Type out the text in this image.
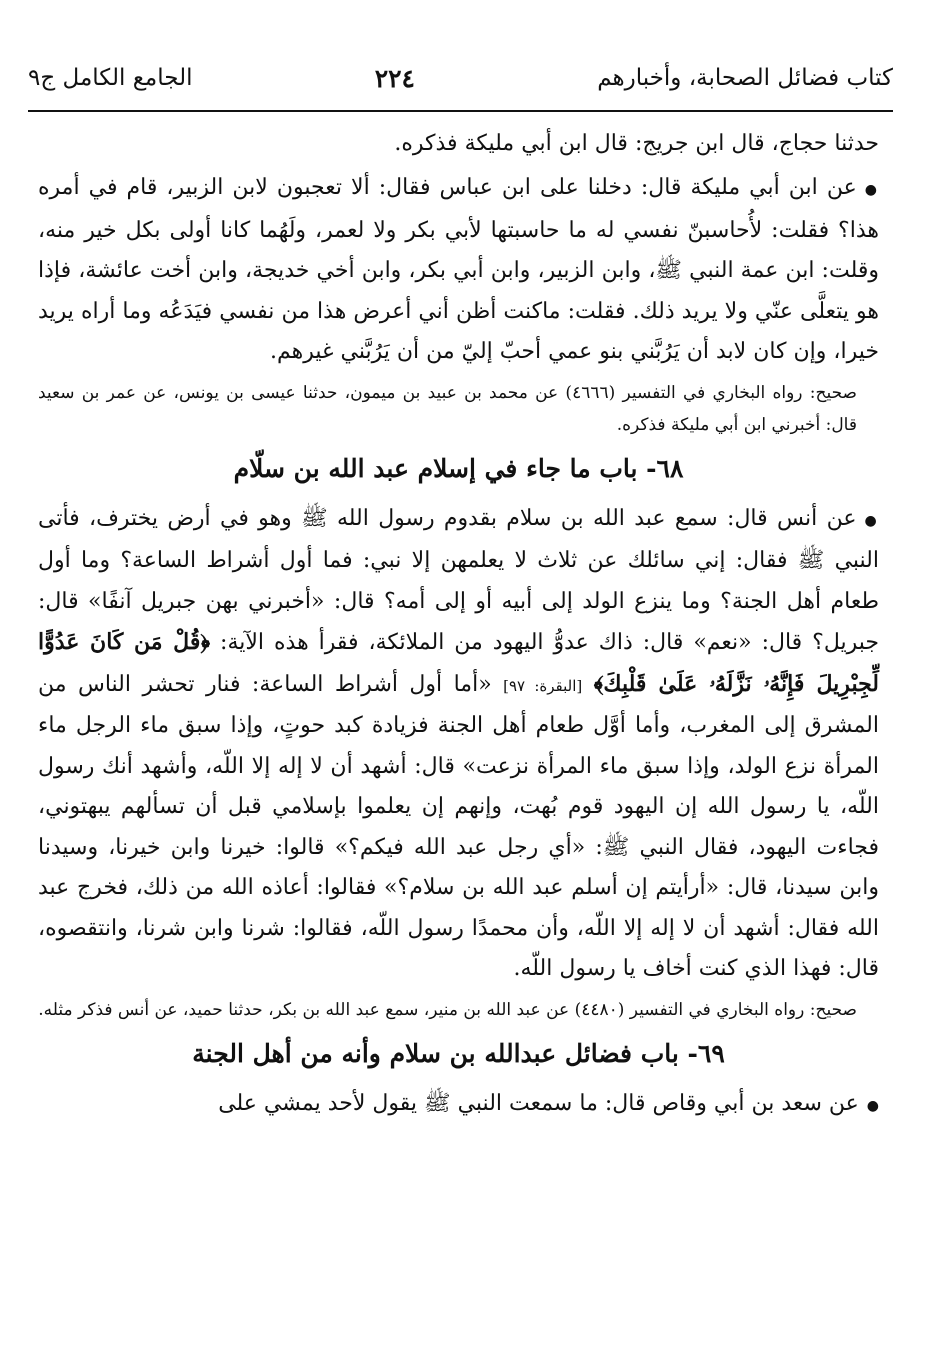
كتاب فضائل الصحابة، وأخبارهم
٢٢٤
الجامع الكامل ج٩

حدثنا حجاج، قال ابن جريج: قال ابن أبي مليكة فذكره.

●عن ابن أبي مليكة قال: دخلنا على ابن عباس فقال: ألا تعجبون لابن الزبير، قام في أمره هذا؟ فقلت: لأُحاسبنّ نفسي له ما حاسبتها لأبي بكر ولا لعمر، ولَهُما كانا أولى بكل خير منه، وقلت: ابن عمة النبي ﷺ، وابن الزبير، وابن أبي بكر، وابن أخي خديجة، وابن أخت عائشة، فإذا هو يتعلَّى عنّي ولا يريد ذلك. فقلت: ماكنت أظن أني أعرض هذا من نفسي فيَدَعُه وما أراه يريد خيرا، وإن كان لابد أن يَرُبَّني بنو عمي أحبّ إليّ من أن يَرُبَّني غيرهم.

صحيح: رواه البخاري في التفسير (٤٦٦٦) عن محمد بن عبيد بن ميمون، حدثنا عيسى بن يونس، عن عمر بن سعيد قال: أخبرني ابن أبي مليكة فذكره.

٦٨- باب ما جاء في إسلام عبد الله بن سلّام

●عن أنس قال: سمع عبد الله بن سلام بقدوم رسول الله ﷺ وهو في أرض يخترف، فأتى النبي ﷺ فقال: إني سائلك عن ثلاث لا يعلمهن إلا نبي: فما أول أشراط الساعة؟ وما أول طعام أهل الجنة؟ وما ينزع الولد إلى أبيه أو إلى أمه؟ قال: «أخبرني بهن جبريل آنفًا» قال: جبريل؟ قال: «نعم» قال: ذاك عدوُّ اليهود من الملائكة، فقرأ هذه الآية: ﴿قُلْ مَن كَانَ عَدُوًّا لِّجِبْرِيلَ فَإِنَّهُۥ نَزَّلَهُۥ عَلَىٰ قَلْبِكَ﴾ [البقرة: ٩٧] «أما أول أشراط الساعة: فنار تحشر الناس من المشرق إلى المغرب، وأما أوَّل طعام أهل الجنة فزيادة كبد حوتٍ، وإذا سبق ماء الرجل ماء المرأة نزع الولد، وإذا سبق ماء المرأة نزعت» قال: أشهد أن لا إله إلا اللّه، وأشهد أنك رسول اللّه، يا رسول الله إن اليهود قوم بُهت، وإنهم إن يعلموا بإسلامي قبل أن تسألهم يبهتوني، فجاءت اليهود، فقال النبي ﷺ: «أي رجل عبد الله فيكم؟» قالوا: خيرنا وابن خيرنا، وسيدنا وابن سيدنا، قال: «أرأيتم إن أسلم عبد الله بن سلام؟» فقالوا: أعاذه الله من ذلك، فخرج عبد الله فقال: أشهد أن لا إله إلا اللّه، وأن محمدًا رسول اللّه، فقالوا: شرنا وابن شرنا، وانتقصوه، قال: فهذا الذي كنت أخاف يا رسول اللّه.

صحيح: رواه البخاري في التفسير (٤٤٨٠) عن عبد الله بن منير، سمع عبد الله بن بكر، حدثنا حميد، عن أنس فذكر مثله.

٦٩- باب فضائل عبدالله بن سلام وأنه من أهل الجنة

●عن سعد بن أبي وقاص قال: ما سمعت النبي ﷺ يقول لأحد يمشي على
